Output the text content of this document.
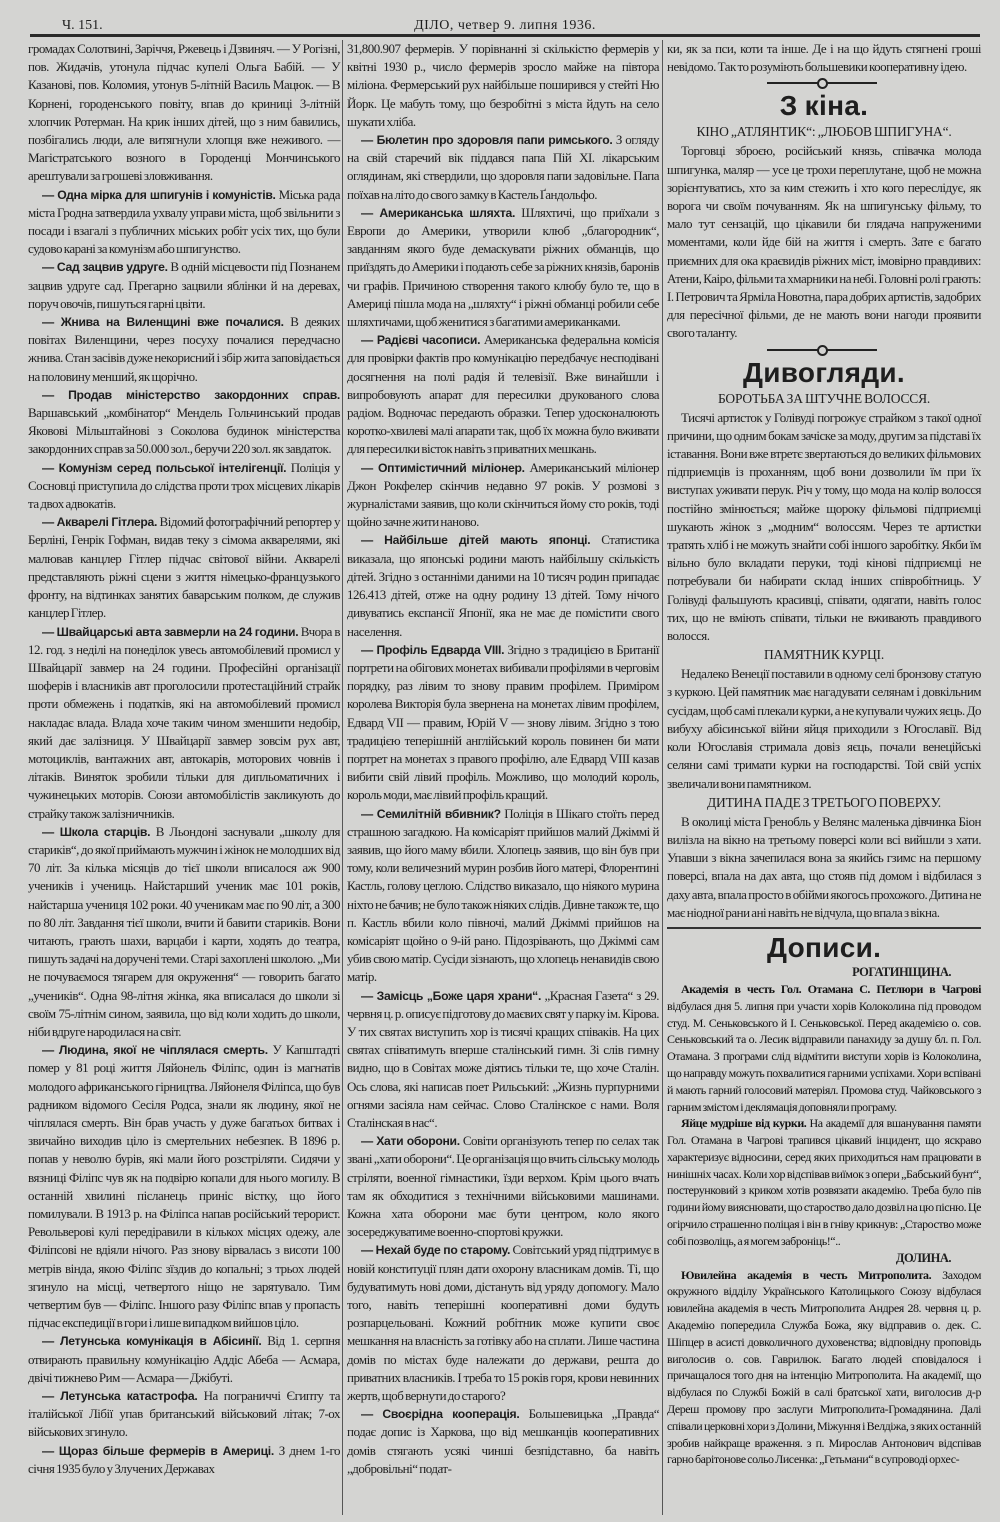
Ч. 151.	ДІЛО, четвер 9. липня 1936.

громадах Солотвині, Заріччя, Ржевець і Дзвиняч. — У Рогізні, пов. Жидачів, утонула підчас купелі Ольга Бабій. — У Казанові, пов. Коломия, утонув 5-літній Василь Мацюк. — В Корнені, городенського повіту, впав до криниці 3-літній хлопчик Ротерман. На крик інших дітей, що з ним бавились, позбігались люди, але витягнули хлопця вже неживого. — Магістратського возного в Городенці Мончинського арештували за грошеві зловживання.

— Одна мірка для шпигунів і комуністів. Міська рада міста Гродна затвердила ухвалу управи міста, щоб звільнити з посади і взагалі з публичних міських робіт усіх тих, що були судово карані за комунізм або шпигунство.

— Сад зацвив удруге. В одній місцевости під Познанем зацвив удруге сад. Прегарно зацвили яблінки й на деревах, поруч овочів, пишуться гарні цвіти.

— Жнива на Виленщині вже почалися. В деяких повітах Виленщини, через посуху почалися передчасно жнива. Стан засівів дуже некорисний і збір жита заповідається на половину менший, як щорічно.

— Продав міністерство закордонних справ. Варшавський „комбінатор“ Мендель Гольчинський продав Яковові Мільштайнові з Соколова будинок міністерства закордонних справ за 50.000 зол., беручи 220 зол. як завдаток.

— Комунізм серед польської інтелігенції. Поліція у Сосновці приступила до слідства проти трох місцевих лікарів та двох адвокатів.

— Акварелі Гітлера. Відомий фотографічний репортер у Берліні, Генрік Гофман, видав теку з сімома акварелями, які малював канцлер Гітлер підчас світової війни. Акварелі представляють ріжні сцени з життя німецько-французького фронту, на відтинках занятих баварським полком, де служив канцлер Гітлер.

— Швайцарські авта завмерли на 24 години. Вчора в 12. год. з неділі на понеділок увесь автомобілевий промисл у Швайцарії завмер на 24 години. Професійні організації шоферів і власників авт проголосили протестаційний страйк проти обмежень і податків, які на автомобілевий промисл накладає влада. Влада хоче таким чином зменшити недобір, який дає залізниця. У Швайцарії завмер зовсім рух авт, мотоциклів, вантажних авт, автокарів, моторових човнів і літаків. Виняток зробили тільки для дипльоматичних і чужинецьких моторів. Союзи автомобілістів закликують до страйку також залізничників.

— Школа старців. В Льондоні заснували „школу для стариків“, до якої приймають мужчин і жінок не молодших від 70 літ. За кілька місяців до тієї школи вписалося аж 900 учеників і учениць. Найстарший ученик має 101 років, найстарша учениця 102 роки. 40 ученикам має по 90 літ, а 300 по 80 літ. Завдання тієї школи, вчити й бавити стариків. Вони читають, грають шахи, варцаби і карти, ходять до театра, пишуть задачі на доручені теми. Старі захоплені школою. „Ми не почуваємося тягарем для окруження“ — говорить багато „учеників“. Одна 98-літня жінка, яка вписалася до школи зі своїм 75-літнім сином, заявила, що від коли ходить до школи, ніби вдруге народилася на світ.

— Людина, якої не чіплялася смерть. У Капштадті помер у 81 році життя Ляйонель Філіпс, один із магнатів молодого африканського гірництва. Ляйонеля Філіпса, що був радником відомого Сесіля Родса, знали як людину, якої не чіплялася смерть. Він брав участь у дуже багатьох битвах і звичайно виходив ціло із смертельних небезпек. В 1896 р. попав у неволю бурів, які мали його розстріляти. Сидячи у вязниці Філіпс чув як на подвірю копали для нього могилу. В останній хвилині післанець приніс вістку, що його помилували. В 1913 р. на Філіпса напав російський терорист. Револьверові кулі передіравили в кількох місцях одежу, але Філіпсові не вдіяли нічого. Раз знову вірвалась з висоти 100 метрів вінда, якою Філіпс зїздив до копальні; з трьох людей згинуло на місці, четвертого ніщо не зарятувало. Тим четвертим був — Філіпс. Іншого разу Філіпс впав у пропасть підчас експедиції в гори і лише випадком вийшов ціло.

— Летунська комунікація в Абісинії. Від 1. серпня отвирають правильну комунікацію Аддіс Абеба — Асмара, двічі тижнево Рим — Асмара — Джібуті.

— Летунська катастрофа. На пограниччі Єгипту та італійської Лібії упав британський військовий літак; 7-ох військових згинуло.

— Щораз більше фермерів в Америці. З днем 1-го січня 1935 було у Злучених Державах

31,800.907 фермерів. У порівнанні зі скількістю фермерів у квітні 1930 р., число фермерів зросло майже на півтора міліона. Фермерський рух найбільше поширився у стейті Ню Йорк. Це мабуть тому, що безробітні з міста йдуть на село шукати хліба.

— Бюлетин про здоровля папи римського. З огляду на свій старечий вік піддався папа Пій XI. лікарським оглядинам, які ствердили, що здоровля папи задовільне. Папа поїхав на літо до свого замку в Кастель Ґандольфо.

— Американська шляхта. Шляхтичі, що приїхали з Европи до Америки, утворили клюб „благородник“, завданням якого буде демаскувати ріжних обманців, що приїздять до Америки і подають себе за ріжних князів, баронів чи графів. Причиною створення такого клюбу було те, що в Америці пішла мода на „шляхту“ і ріжні обманці робили себе шляхтичами, щоб женитися з багатими американками.

— Радієві часописи. Американська федеральна комісія для провірки фактів про комунікацію передбачує несподівані досягнення на полі радія й телевізії. Вже винайшли і випробовують апарат для пересилки друкованого слова радіом. Водночас передають образки. Тепер удосконалюють коротко-хвилеві малі апарати так, щоб їх можна було вживати для пересилки вісток навіть з приватних мешкань.

— Оптимістичний міліонер. Американський міліонер Джон Рокфелер скінчив недавно 97 років. У розмові з журналістами заявив, що коли скінчиться йому сто років, тоді щойно зачне жити наново.

— Найбільше дітей мають японці. Статистика виказала, що японські родини мають найбільшу скількість дітей. Згідно з останніми даними на 10 тисяч родин припадає 126.413 дітей, отже на одну родину 13 дітей. Тому нічого дивуватись експансії Японії, яка не має де помістити свого населення.

— Профіль Едварда VIII. Згідно з традицією в Британії портрети на обігових монетах вибивали профілями в черговім порядку, раз лівим то знову правим профілем. Приміром королева Викторія була звернена на монетах лівим профілем, Едвард VII — правим, Юрій V — знову лівим. Згідно з тою традицією теперішній англійський король повинен би мати портрет на монетах з правого профілю, але Едвард VIII казав вибити свій лівий профіль. Можливо, що молодий король, король моди, має лівий профіль кращий.

— Семилітній вбивник? Поліція в Шікаго стоїть перед страшною загадкою. На комісаріят прийшов малий Джіммі й заявив, що його маму вбили. Хлопець заявив, що він був при тому, коли величезний мурин розбив його матері, Флорентині Кастль, голову цеглою. Слідство виказало, що ніякого мурина ніхто не бачив; не було також ніяких слідів. Дивне також те, що п. Кастль вбили коло півночі, малий Джіммі прийшов на комісаріят щойно о 9-ій рано. Підозрівають, що Джіммі сам убив свою матір. Сусіди зізнають, що хлопець ненавидів свою матір.

— Замісць „Боже царя храни“. „Красная Газета“ з 29. червня ц. р. описує підготову до маєвих свят у парку ім. Кірова. У тих святах виступить хор із тисячі кращих співаків. На цих святах співатимуть вперше сталінський гимн. Зі слів гимну видно, що в Совітах може діятись тільки те, що хоче Сталін. Ось слова, які написав поет Рильський: „Жизнь пурпурними огнями засіяла нам сейчас. Слово Сталінское с нами. Воля Сталінская в нас“.

— Хати оборони. Совіти організують тепер по селах так звані „хати оборони“. Це організація що вчить сільську молодь стріляти, военної гімнастики, їзди верхом. Крім цього вчать там як обходитися з технічними військовими машинами. Кожна хата оборони має бути центром, коло якого зосереджуватиме военно-спортові кружки.

— Нехай буде по старому. Совітський уряд підтримує в новій конституції плян дати охорону власникам домів. Ті, що будуватимуть нові доми, дістануть від уряду допомогу. Мало того, навіть теперішні кооперативні доми будуть розпарцельовані. Кожний робітник може купити своє мешкання на власність за готівку або на сплати. Лише частина домів по містах буде належати до держави, решта до приватних власників. І треба то 15 років горя, крови невинних жертв, щоб вернути до старого?

— Своєрідна кооперація. Большевицька „Правда“ подає допис із Харкова, що від мешканців кооперативних домів стягають усякі чинші безпідставно, ба навіть „добровільні“ подат-

ки, як за пси, коти та інше. Де і на що йдуть стягнені гроші невідомо. Так то розуміють большевики кооперативну ідею.

З кіна.
КІНО „АТЛЯНТИК“: „ЛЮБОВ ШПИГУНА“.

Торговці зброєю, російський князь, співачка молода шпигунка, маляр — усе це трохи переплутане, щоб не можна зорієнтуватись, хто за ким стежить і хто кого переслідує, як ворога чи своїм почуванням. Як на шпигунську фільму, то мало тут сензацій, що цікавили би глядача напруженими моментами, коли йде бій на життя і смерть. Зате є багато приємних для ока краєвидів ріжних міст, імовірно правдивих: Атени, Каіро, фільми та хмарники на небі. Головні ролі грають: І. Петрович та Ярміла Новотна, пара добрих артистів, задобрих для пересічної фільми, де не мають вони нагоди проявити свого таланту.

Дивогляди.
БОРОТЬБА ЗА ШТУЧНЕ ВОЛОССЯ.

Тисячі артисток у Голівуді погрожує страйком з такої одної причини, що одним бокам зачіске за моду, другим за підставі їх іставання. Вони вже втретє звертаються до великих фільмових підприємців із проханням, щоб вони дозволили їм при їх виступах уживати перук. Річ у тому, що мода на колір волосся постійно змінюється; майже щороку фільмові підприємці шукають жінок з „модним“ волоссям. Через те артистки тратять хліб і не можуть знайти собі іншого заробітку. Якби їм вільно було вкладати перуки, тоді кінові підприємці не потребували би набирати склад інших співробітниць. У Голівуді фальшують красивці, співати, одягати, навіть голос тих, що не вміють співати, тільки не вживають правдивого волосся.

ПАМЯТНИК КУРЦІ.

Недалеко Венеції поставили в одному селі бронзову статую з куркою. Цей памятник має нагадувати селянам і довкільним сусідам, щоб самі плекали курки, а не купували чужих яєць. До вибуху абісинської війни яйця приходили з Югославії. Від коли Югославія стримала довіз яєць, почали венеційські селяни самі тримати курки на господарстві. Той свій успіх звеличали вони памятником.

ДИТИНА ПАДЕ З ТРЕТЬОГО ПОВЕРХУ.

В околиці міста Гренобль у Велянс маленька дівчинка Біон вилізла на вікно на третьому поверсі коли всі вийшли з хати. Упавши з вікна зачепилася вона за якийсь гзимс на першому поверсі, впала на дах авта, що стояв під домом і відбилася з даху авта, впала просто в обійми якогось прохожого. Дитина не має ніодної рани ані навіть не відчула, що впала з вікна.

Дописи.
РОГАТИНЩИНА.

Академія в честь Гол. Отамана С. Петлюри в Чагрові відбулася дня 5. липня при участи хорів Колоколина під проводом студ. М. Сеньковського й І. Сеньковської. Перед академією о. сов. Сеньковський та о. Лесик відправили панахиду за душу бл. п. Гол. Отамана. З програми слід відмітити виступи хорів із Колоколина, що направду можуть похвалитися гарними успіхами. Хори вспівані й мають гарний голосовий матеріял. Промова студ. Чайковського з гарним змістом і деклямація доповняли програму.

Яйце мудріше від курки. На академії для вшанування памяти Гол. Отамана в Чагрові трапився цікавий інцидент, що яскраво характеризує відносини, серед яких приходиться нам працювати в нинішніх часах. Коли хор відспівав виїмок з опери „Бабський бунт“, постерунковий з криком хотів розвязати академію. Треба було пів години йому вияснювати, що староство дало дозвіл на цю пісню. Це огірчило страшенно поліцая і він в гніву крикнув: „Староство може собі позволіць, а я могем заброніць!“..

ДОЛИНА.

Ювилейна академія в честь Митрополита. Заходом окружного відділу Українського Католицького Союзу відбулася ювилейна академія в честь Митрополита Андрея 28. червня ц. р. Академію попередила Служба Божа, яку відправив о. дек. С. Шіпцер в асисті довколичного духовенства; відповідну проповідь виголосив о. сов. Гаврилюк. Багато людей сповідалося і причащалося того дня на інтенцію Митрополита. На академії, що відбулася по Службі Божій в салі братської хати, виголосив д-р Дереш промову про заслуги Митрополита-Громадянина. Далі співали церковні хори з Долини, Міжуння і Велдіжа, з яких останній зробив найкраще враження. з п. Мирослав Антонович відспівав гарно барітонове сольо Лисенка: „Гетьмани“ в супроводі орхес-
